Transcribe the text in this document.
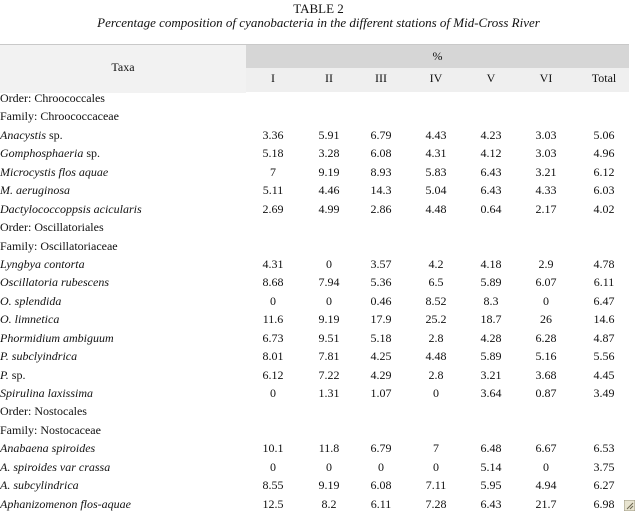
TABLE 2
Percentage composition of cyanobacteria in the different stations of Mid-Cross River
Taxa
%
I	II	III	IV	V	VI	Total
Order: Chroococcales
Family: Chroococcaceae
Anacystis sp.	3.36	5.91	6.79	4.43	4.23	3.03	5.06
Gomphosphaeria sp.	5.18	3.28	6.08	4.31	4.12	3.03	4.96
Microcystis flos aquae	7	9.19	8.93	5.83	6.43	3.21	6.12
M. aeruginosa	5.11	4.46	14.3	5.04	6.43	4.33	6.03
Dactylococcoppsis acicularis	2.69	4.99	2.86	4.48	0.64	2.17	4.02
Order: Oscillatoriales
Family: Oscillatoriaceae
Lyngbya contorta	4.31	0	3.57	4.2	4.18	2.9	4.78
Oscillatoria rubescens	8.68	7.94	5.36	6.5	5.89	6.07	6.11
O. splendida	0	0	0.46	8.52	8.3	0	6.47
O. limnetica	11.6	9.19	17.9	25.2	18.7	26	14.6
Phormidium ambiguum	6.73	9.51	5.18	2.8	4.28	6.28	4.87
P. subclyindrica	8.01	7.81	4.25	4.48	5.89	5.16	5.56
P. sp.	6.12	7.22	4.29	2.8	3.21	3.68	4.45
Spirulina laxissima	0	1.31	1.07	0	3.64	0.87	3.49
Order: Nostocales
Family: Nostocaceae
Anabaena spiroides	10.1	11.8	6.79	7	6.48	6.67	6.53
A. spiroides var crassa	0	0	0	0	5.14	0	3.75
A. subcylindrica	8.55	9.19	6.08	7.11	5.95	4.94	6.27
Aphanizomenon flos-aquae	12.5	8.2	6.11	7.28	6.43	21.7	6.98
